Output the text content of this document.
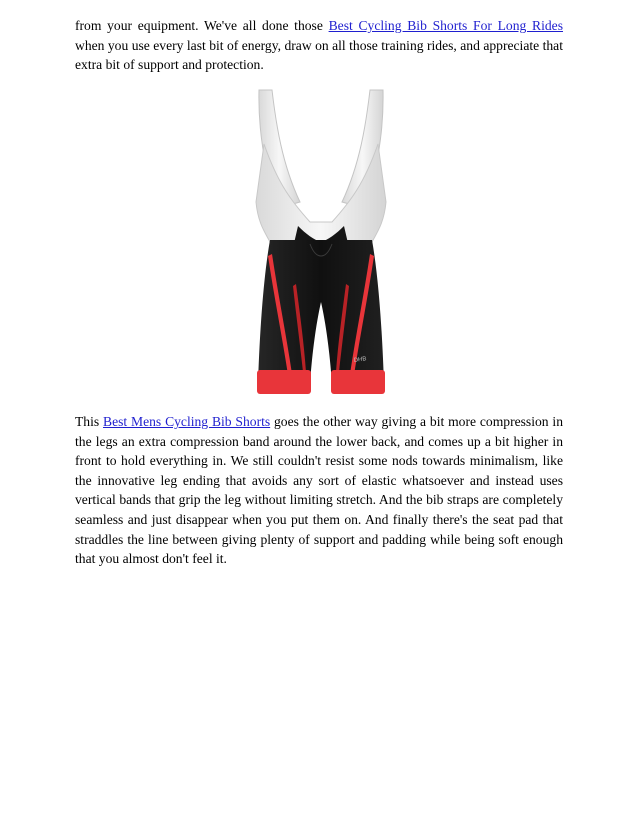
from your equipment. We've all done those Best Cycling Bib Shorts For Long Rides when you use every last bit of energy, draw on all those training rides, and appreciate that extra bit of support and protection.

DHB

This Best Mens Cycling Bib Shorts goes the other way giving a bit more compression in the legs an extra compression band around the lower back, and comes up a bit higher in front to hold everything in. We still couldn't resist some nods towards minimalism, like the innovative leg ending that avoids any sort of elastic whatsoever and instead uses vertical bands that grip the leg without limiting stretch. And the bib straps are completely seamless and just disappear when you put them on. And finally there's the seat pad that straddles the line between giving plenty of support and padding while being soft enough that you almost don't feel it.
